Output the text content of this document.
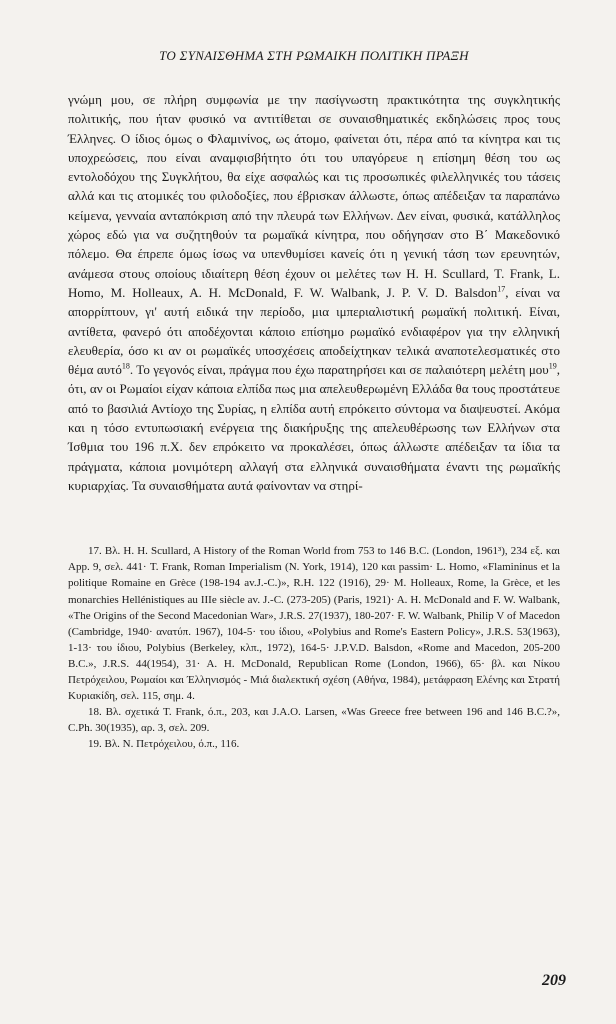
ΤΟ ΣΥΝΑΙΣΘΗΜΑ ΣΤΗ ΡΩΜΑΙΚΗ ΠΟΛΙΤΙΚΗ ΠΡΑΞΗ

γνώμη μου, σε πλήρη συμφωνία με την πασίγνωστη πρακτικότητα της συγκλητικής πολιτικής, που ήταν φυσικό να αντιτίθεται σε συναισθηματικές εκδηλώσεις προς τους Έλληνες. Ο ίδιος όμως ο Φλαμινίνος, ως άτομο, φαίνεται ότι, πέρα από τα κίνητρα και τις υποχρεώσεις, που είναι αναμφισβήτητο ότι του υπαγόρευε η επίσημη θέση του ως εντολοδόχου της Συγκλήτου, θα είχε ασφαλώς και τις προσωπικές φιλελληνικές του τάσεις αλλά και τις ατομικές του φιλοδοξίες, που έβρισκαν άλλωστε, όπως απέδειξαν τα παραπάνω κείμενα, γενναία ανταπόκριση από την πλευρά των Ελλήνων. Δεν είναι, φυσικά, κατάλληλος χώρος εδώ για να συζητηθούν τα ρωμαϊκά κίνητρα, που οδήγησαν στο Β΄ Μακεδονικό πόλεμο. Θα έπρεπε όμως ίσως να υπενθυμίσει κανείς ότι η γενική τάση των ερευνητών, ανάμεσα στους οποίους ιδιαίτερη θέση έχουν οι μελέτες των H. H. Scullard, T. Frank, L. Homo, M. Holleaux, A. H. McDonald, F. W. Walbank, J. P. V. D. Balsdon$^{17}$, είναι να απορρίπτουν, γι' αυτή ειδικά την περίοδο, μια ιμπεριαλιστική ρωμαϊκή πολιτική. Είναι, αντίθετα, φανερό ότι αποδέχονται κάποιο επίσημο ρωμαϊκό ενδιαφέρον για την ελληνική ελευθερία, όσο κι αν οι ρωμαϊκές υποσχέσεις αποδείχτηκαν τελικά αναποτελεσματικές στο θέμα αυτό$^{18}$. Το γεγονός είναι, πράγμα που έχω παρατηρήσει και σε παλαιότερη μελέτη μου$^{19}$, ότι, αν οι Ρωμαίοι είχαν κάποια ελπίδα πως μια απελευθερωμένη Ελλάδα θα τους προστάτευε από το βασιλιά Αντίοχο της Συρίας, η ελπίδα αυτή επρόκειτο σύντομα να διαψευστεί. Ακόμα και η τόσο εντυπωσιακή ενέργεια της διακήρυξης της απελευθέρωσης των Ελλήνων στα Ίσθμια του 196 π.Χ. δεν επρόκειτο να προκαλέσει, όπως άλλωστε απέδειξαν τα ίδια τα πράγματα, κάποια μονιμότερη αλλαγή στα ελληνικά συναισθήματα έναντι της ρωμαϊκής κυριαρχίας. Τα συναισθήματα αυτά φαίνονταν να στηρί-

17. Βλ. H. H. Scullard, A History of the Roman World from 753 to 146 B.C. (London, 1961³), 234 εξ. και App. 9, σελ. 441· T. Frank, Roman Imperialism (N. York, 1914), 120 και passim· L. Homo, «Flamininus et la politique Romaine en Grèce (198-194 av.J.-C.)», R.H. 122 (1916), 29· M. Holleaux, Rome, la Grèce, et les monarchies Hellénistiques au IIIe siècle av. J.-C. (273-205) (Paris, 1921)· A. H. McDonald and F. W. Walbank, «The Origins of the Second Macedonian War», J.R.S. 27(1937), 180-207· F. W. Walbank, Philip V of Macedon (Cambridge, 1940· ανατύπ. 1967), 104-5· του ίδιου, «Polybius and Rome's Eastern Policy», J.R.S. 53(1963), 1-13· του ίδιου, Polybius (Berkeley, κλπ., 1972), 164-5· J.P.V.D. Balsdon, «Rome and Macedon, 205-200 B.C.», J.R.S. 44(1954), 31· A. H. McDonald, Republican Rome (London, 1966), 65· βλ. και Νίκου Πετρόχειλου, Ρωμαίοι και Έλληνισμός - Μιά διαλεκτική σχέση (Αθήνα, 1984), μετάφραση Ελένης και Στρατή Κυριακίδη, σελ. 115, σημ. 4.

18. Βλ. σχετικά T. Frank, ό.π., 203, και J.A.O. Larsen, «Was Greece free between 196 and 146 B.C.?», C.Ph. 30(1935), αρ. 3, σελ. 209.

19. Βλ. Ν. Πετρόχειλου, ό.π., 116.

209
